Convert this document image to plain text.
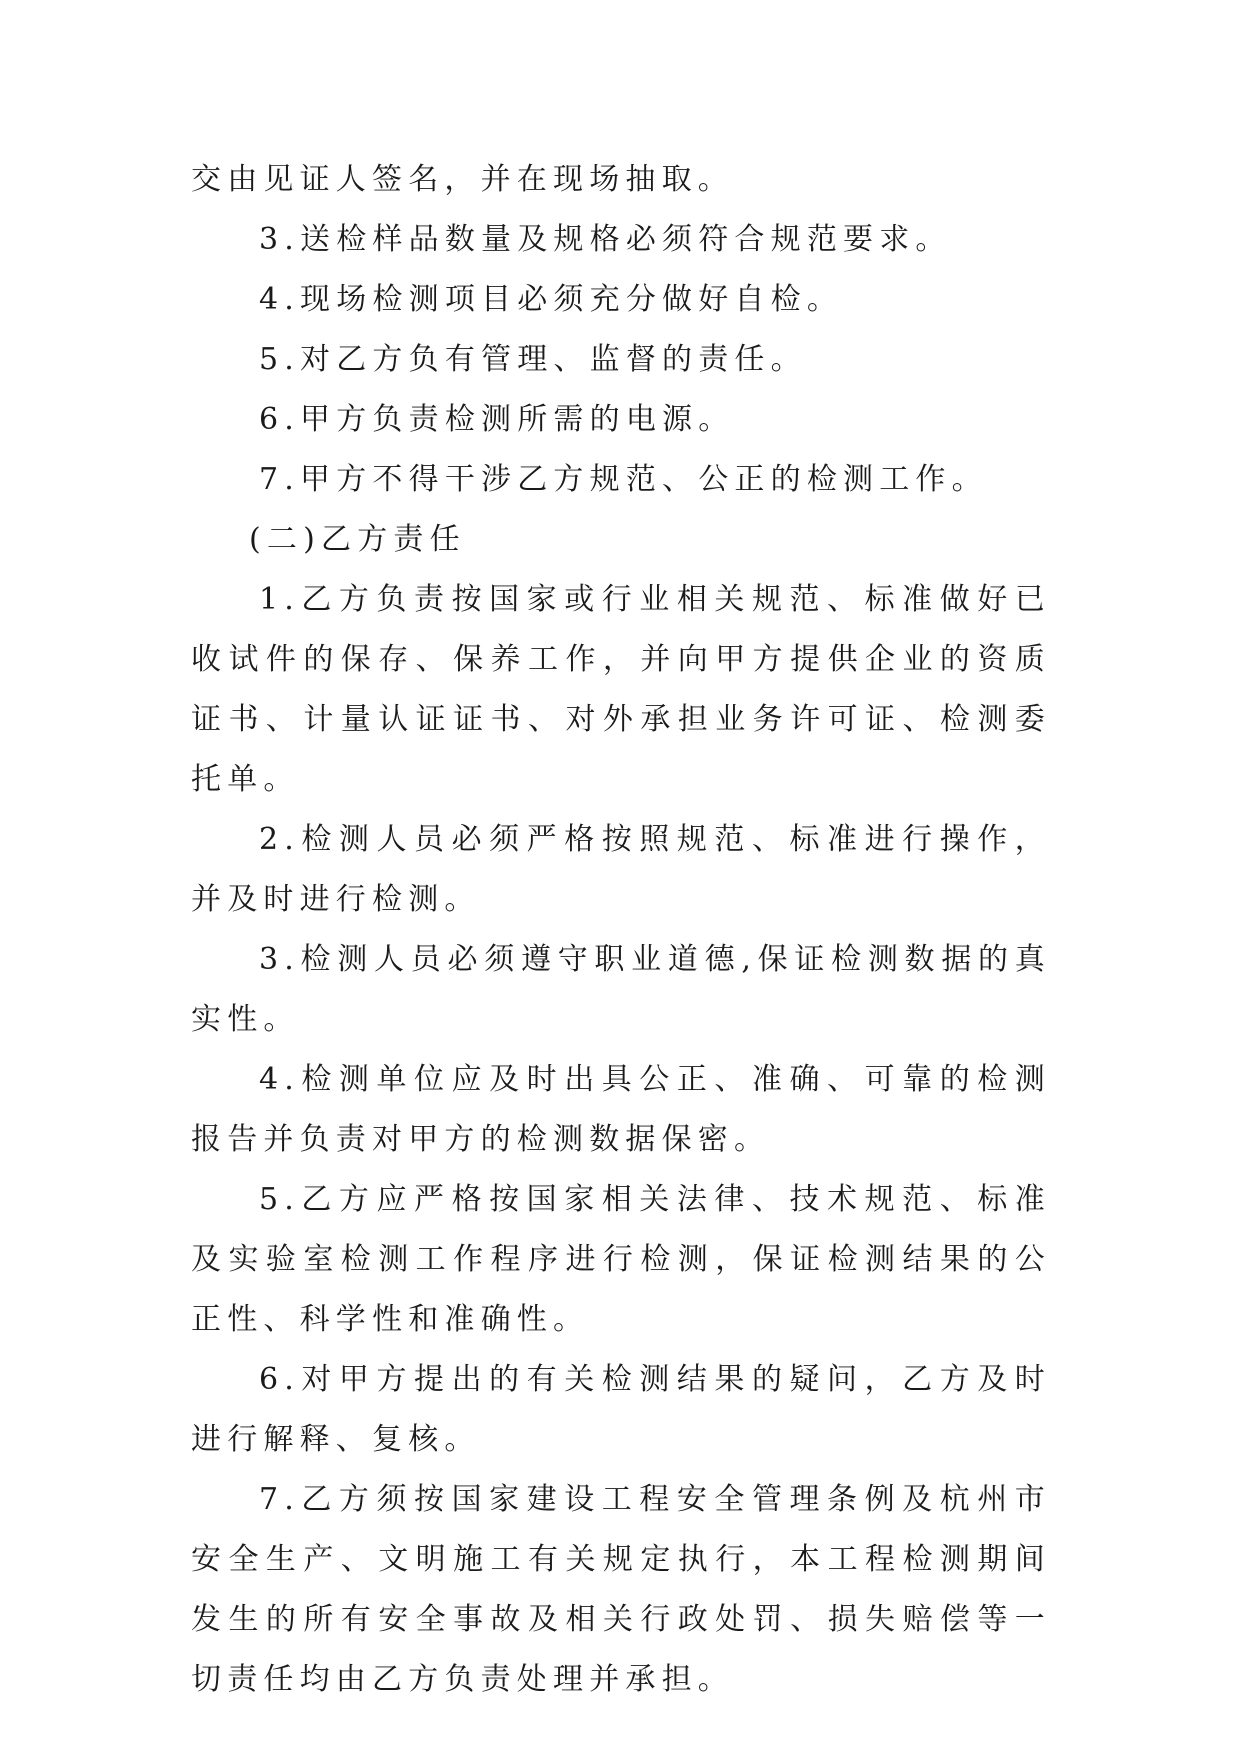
交由见证人签名，并在现场抽取。

3.送检样品数量及规格必须符合规范要求。

4.现场检测项目必须充分做好自检。

5.对乙方负有管理、监督的责任。

6.甲方负责检测所需的电源。

7.甲方不得干涉乙方规范、公正的检测工作。

(二)乙方责任

1.乙方负责按国家或行业相关规范、标准做好已收试件的保存、保养工作，并向甲方提供企业的资质证书、计量认证证书、对外承担业务许可证、检测委托单。

2.检测人员必须严格按照规范、标准进行操作，并及时进行检测。

3.检测人员必须遵守职业道德,保证检测数据的真实性。

4.检测单位应及时出具公正、准确、可靠的检测报告并负责对甲方的检测数据保密。

5.乙方应严格按国家相关法律、技术规范、标准及实验室检测工作程序进行检测，保证检测结果的公正性、科学性和准确性。

6.对甲方提出的有关检测结果的疑问，乙方及时进行解释、复核。

7.乙方须按国家建设工程安全管理条例及杭州市安全生产、文明施工有关规定执行，本工程检测期间发生的所有安全事故及相关行政处罚、损失赔偿等一切责任均由乙方负责处理并承担。
